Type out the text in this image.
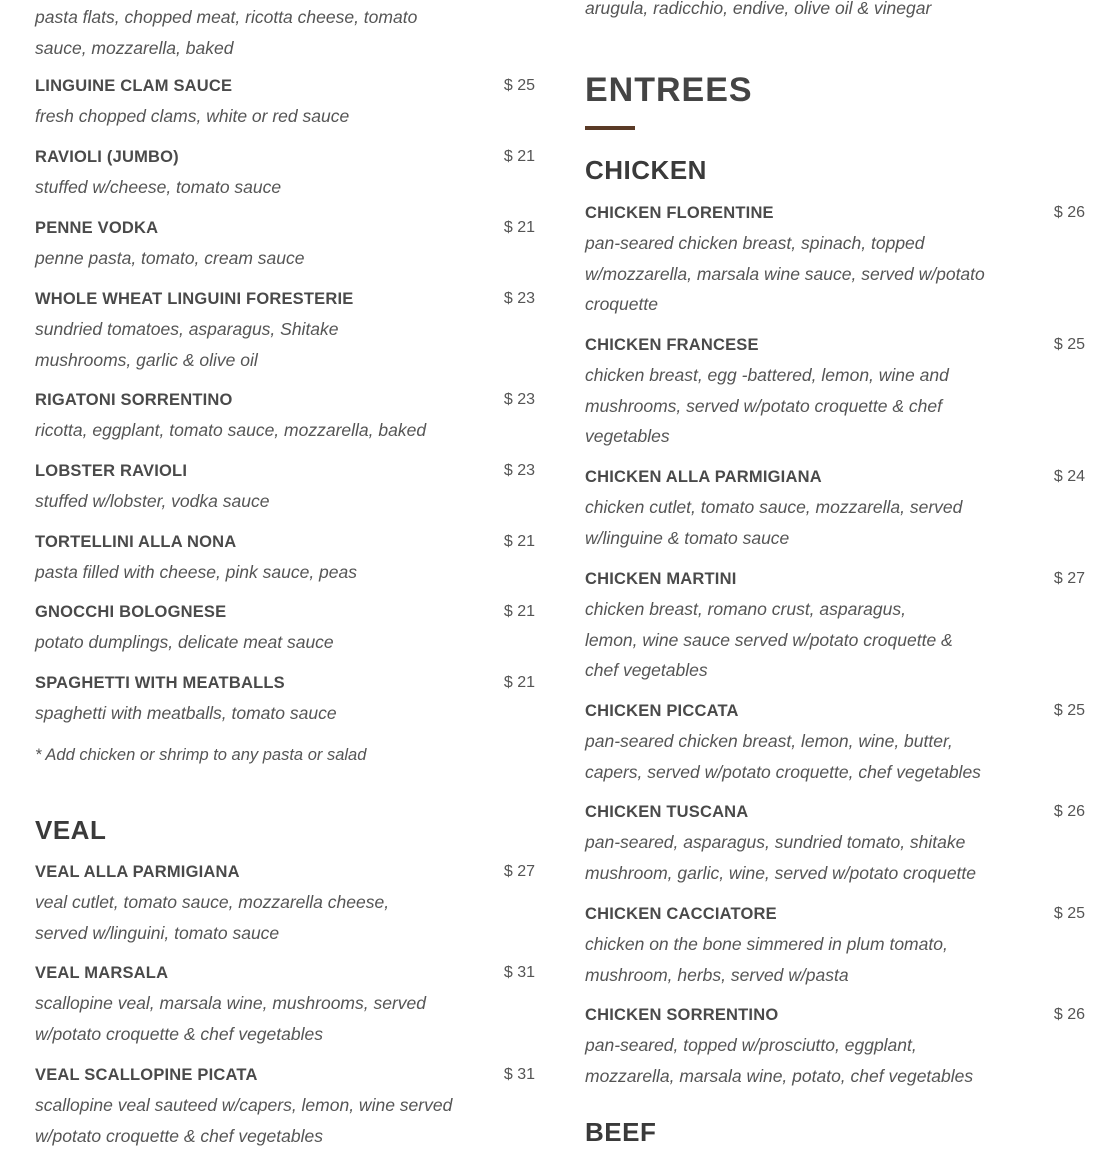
pasta flats, chopped meat, ricotta cheese, tomato sauce, mozzarella, baked
LINGUINE CLAM SAUCE	$ 25
fresh chopped clams, white or red sauce
RAVIOLI (JUMBO)	$ 21
stuffed w/cheese, tomato sauce
PENNE VODKA	$ 21
penne pasta, tomato, cream sauce
WHOLE WHEAT LINGUINI FORESTERIE	$ 23
sundried tomatoes, asparagus, Shitake mushrooms, garlic & olive oil
RIGATONI SORRENTINO	$ 23
ricotta, eggplant, tomato sauce, mozzarella, baked
LOBSTER RAVIOLI	$ 23
stuffed w/lobster, vodka sauce
TORTELLINI ALLA NONA	$ 21
pasta filled with cheese, pink sauce, peas
GNOCCHI BOLOGNESE	$ 21
potato dumplings, delicate meat sauce
SPAGHETTI WITH MEATBALLS	$ 21
spaghetti with meatballs, tomato sauce
* Add chicken or shrimp to any pasta or salad
VEAL
VEAL ALLA PARMIGIANA	$ 27
veal cutlet, tomato sauce, mozzarella cheese, served w/linguini, tomato sauce
VEAL MARSALA	$ 31
scallopine veal, marsala wine, mushrooms, served w/potato croquette & chef vegetables
VEAL SCALLOPINE PICATA	$ 31
scallopine veal sauteed w/capers, lemon, wine served w/potato croquette & chef vegetables
arugula, radicchio, endive, olive oil & vinegar
ENTREES
CHICKEN
CHICKEN FLORENTINE	$ 26
pan-seared chicken breast, spinach, topped w/mozzarella, marsala wine sauce, served w/potato croquette
CHICKEN FRANCESE	$ 25
chicken breast, egg -battered, lemon, wine and mushrooms, served w/potato croquette & chef vegetables
CHICKEN ALLA PARMIGIANA	$ 24
chicken cutlet, tomato sauce, mozzarella, served w/linguine & tomato sauce
CHICKEN MARTINI	$ 27
chicken breast, romano crust, asparagus, lemon, wine sauce served w/potato croquette & chef vegetables
CHICKEN PICCATA	$ 25
pan-seared chicken breast, lemon, wine, butter, capers, served w/potato croquette, chef vegetables
CHICKEN TUSCANA	$ 26
pan-seared, asparagus, sundried tomato, shitake mushroom, garlic, wine, served w/potato croquette
CHICKEN CACCIATORE	$ 25
chicken on the bone simmered in plum tomato, mushroom, herbs, served w/pasta
CHICKEN SORRENTINO	$ 26
pan-seared, topped w/prosciutto, eggplant, mozzarella, marsala wine, potato, chef vegetables
BEEF
